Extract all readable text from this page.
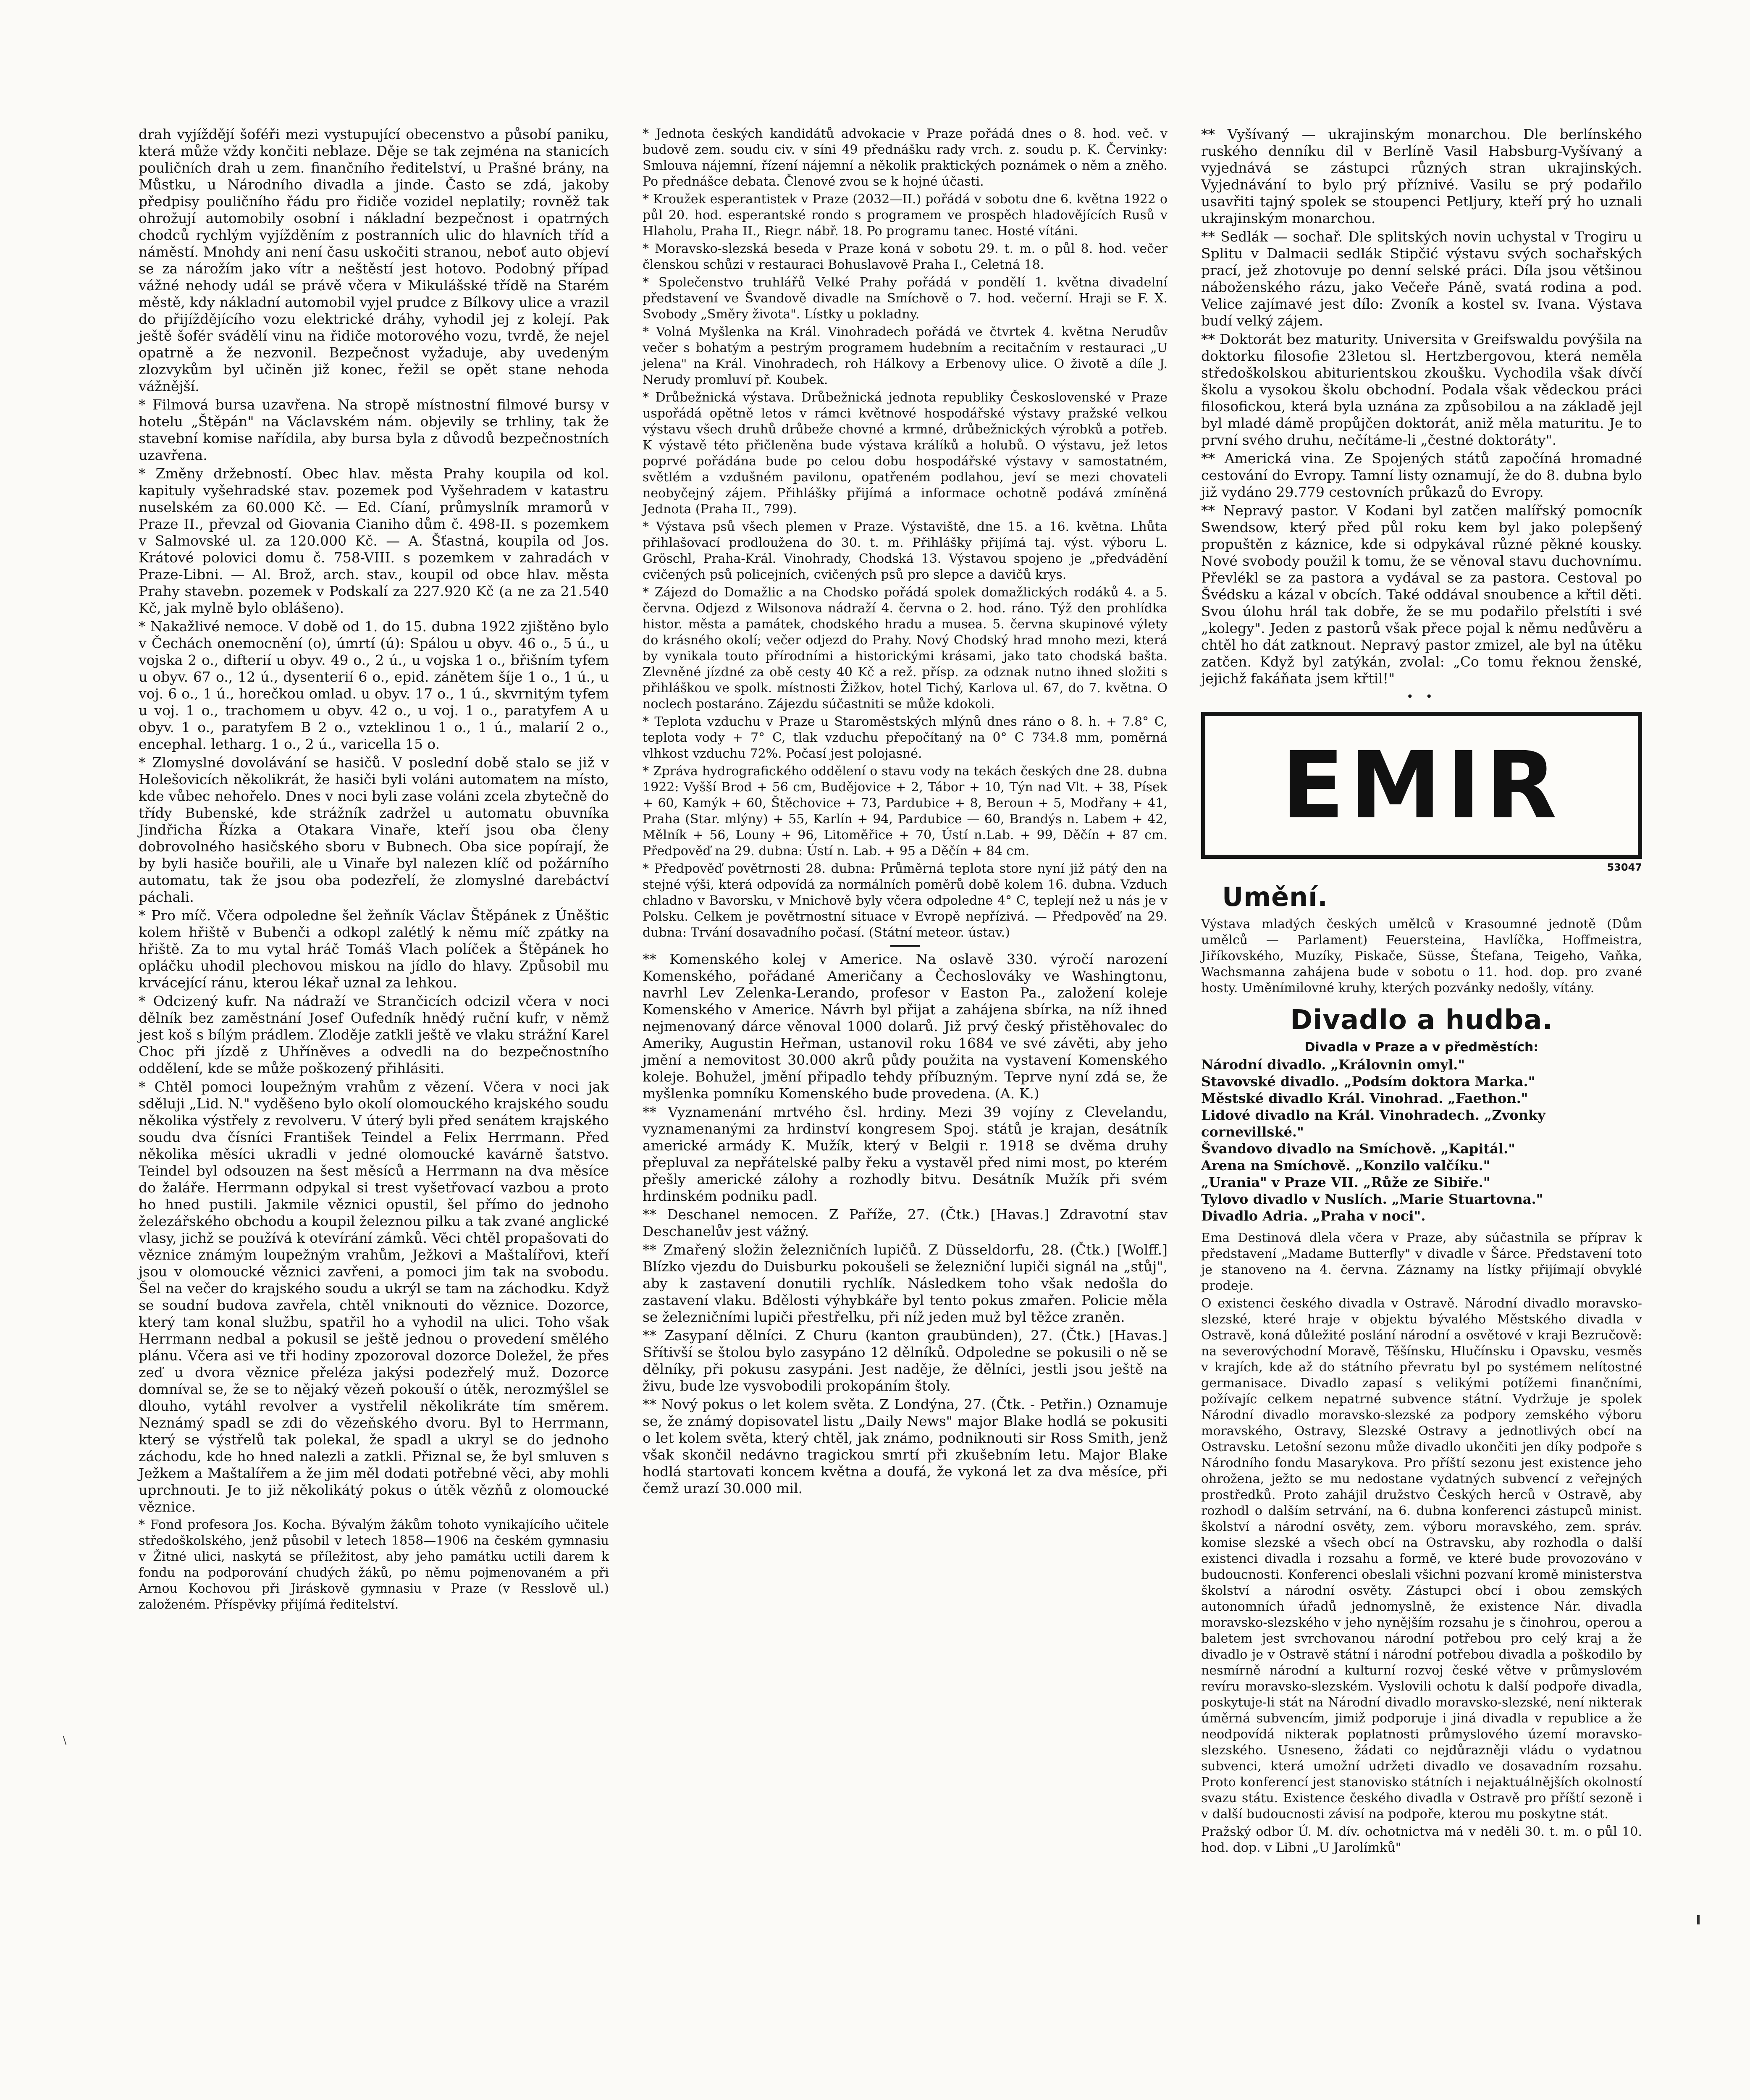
drah vyjíždějí šoféři mezi vystupující obecenstvo a působí paniku, která může vždy končiti neblaze. Děje se tak zejména na stanicích pouličních drah u zem. finančního ředitelství, u Prašné brány, na Můstku, u Národního divadla a jinde. Často se zdá, jakoby předpisy pouličního řádu pro řidiče vozidel neplatily; rovněž tak ohrožují automobily osobní i nákladní bezpečnost i opatrných chodců rychlým vyjížděním z postranních ulic do hlavních tříd a náměstí. Mnohdy ani není času uskočiti stranou, neboť auto objeví se za nárožím jako vítr a neštěstí jest hotovo. Podobný případ vážné nehody udál se právě včera v Mikulášské třídě na Starém městě, kdy nákladní automobil vyjel prudce z Bílkovy ulice a vrazil do přijíždějícího vozu elektrické dráhy, vyhodil jej z kolejí. Pak ještě šofér svádělí vinu na řidiče motorového vozu, tvrdě, že nejel opatrně a že nezvonil. Bezpečnost vyžaduje, aby uvedeným zlozvykům byl učiněn již konec, řežil se opět stane nehoda vážnější.

* Filmová bursa uzavřena. Na stropě místnostní filmové bursy v hotelu „Štěpán" na Václavském nám. objevily se trhliny, tak že stavební komise nařídila, aby bursa byla z důvodů bezpečnostních uzavřena.

* Změny držebností. Obec hlav. města Prahy koupila od kol. kapituly vyšehradské stav. pozemek pod Vyšehradem v katastru nuselském za 60.000 Kč. — Ed. Cíaní, průmyslník mramorů v Praze II., převzal od Giovania Cianiho dům č. 498-II. s pozemkem v Salmovské ul. za 120.000 Kč. — A. Šťastná, koupila od Jos. Krátové polovici domu č. 758-VIII. s pozemkem v zahradách v Praze-Libni. — Al. Brož, arch. stav., koupil od obce hlav. města Prahy stavebn. pozemek v Podskalí za 227.920 Kč (a ne za 21.540 Kč, jak mylně bylo oblášeno).

* Nakažlivé nemoce. V době od 1. do 15. dubna 1922 zjištěno bylo v Čechách onemocnění (o), úmrtí (ú): Spálou u obyv. 46 o., 5 ú., u vojska 2 o., difterií u obyv. 49 o., 2 ú., u vojska 1 o., břišním tyfem u obyv. 67 o., 12 ú., dysenterií 6 o., epid. zánětem šíje 1 o., 1 ú., u voj. 6 o., 1 ú., horečkou omlad. u obyv. 17 o., 1 ú., skvrnitým tyfem u voj. 1 o., trachomem u obyv. 42 o., u voj. 1 o., paratyfem A u obyv. 1 o., paratyfem B 2 o., vzteklinou 1 o., 1 ú., malarií 2 o., encephal. letharg. 1 o., 2 ú., varicella 15 o.

* Zlomyslné dovolávání se hasičů. V poslední době stalo se již v Holešovicích několikrát, že hasiči byli voláni automatem na místo, kde vůbec nehořelo. Dnes v noci byli zase voláni zcela zbytečně do třídy Bubenské, kde strážník zadržel u automatu obuvníka Jindřicha Řízka a Otakara Vinaře, kteří jsou oba členy dobrovolného hasičského sboru v Bubnech. Oba sice popírají, že by byli hasiče bouřili, ale u Vinaře byl nalezen klíč od požárního automatu, tak že jsou oba podezřelí, že zlomyslné darebáctví páchali.

* Pro míč. Včera odpoledne šel žeňník Václav Štěpánek z Úněštic kolem hřiště v Bubenči a odkopl zalétlý k němu míč zpátky na hřiště. Za to mu vytal hráč Tomáš Vlach políček a Štěpánek ho opláčku uhodil plechovou miskou na jídlo do hlavy. Způsobil mu krvácející ránu, kterou lékař uznal za lehkou.

* Odcizený kufr. Na nádraží ve Strančicích odcizil včera v noci dělník bez zaměstnání Josef Oufedník hnědý ruční kufr, v němž jest koš s bílým prádlem. Zloděje zatkli ještě ve vlaku strážní Karel Choc při jízdě z Uhříněves a odvedli na do bezpečnostního oddělení, kde se může poškozený přihlásiti.

* Chtěl pomoci loupežným vrahům z vězení. Včera v noci jak sděluji „Lid. N." vyděšeno bylo okolí olomouckého krajského soudu několika výstřely z revolveru. V úterý byli před senátem krajského soudu dva čísníci František Teindel a Felix Herrmann. Před několika měsíci ukradli v jedné olomoucké kavárně šatstvo. Teindel byl odsouzen na šest měsíců a Herrmann na dva měsíce do žaláře. Herrmann odpykal si trest vyšetřovací vazbou a proto ho hned pustili. Jakmile věznici opustil, šel přímo do jednoho železářského obchodu a koupil železnou pilku a tak zvané anglické vlasy, jichž se používá k otevírání zámků. Věci chtěl propašovati do věznice známým loupežným vrahům, Ježkovi a Maštalířovi, kteří jsou v olomoucké věznici zavřeni, a pomoci jim tak na svobodu. Šel na večer do krajského soudu a ukrýl se tam na záchodku. Když se soudní budova zavřela, chtěl vniknouti do věznice. Dozorce, který tam konal službu, spatřil ho a vyhodil na ulici. Toho však Herrmann nedbal a pokusil se ještě jednou o provedení smělého plánu. Včera asi ve tři hodiny zpozoroval dozorce Doležel, že přes zeď u dvora věznice přeléza jakýsi podezřelý muž. Dozorce domníval se, že se to nějaký vězeň pokouší o útěk, nerozmýšlel se dlouho, vytáhl revolver a vystřelil několikráte tím směrem. Neznámý spadl se zdi do vězeňského dvoru. Byl to Herrmann, který se výstřelů tak polekal, že spadl a ukryl se do jednoho záchodu, kde ho hned nalezli a zatkli. Přiznal se, že byl smluven s Ježkem a Maštalířem a že jim měl dodati potřebné věci, aby mohli uprchnouti. Je to již několikátý pokus o útěk vězňů z olomoucké věznice.

* Fond profesora Jos. Kocha. Bývalým žákům tohoto vynikajícího učitele středoškolského, jenž působil v letech 1858—1906 na českém gymnasiu v Žitné ulici, naskytá se příležitost, aby jeho památku uctili darem k fondu na podporování chudých žáků, po němu pojmenovaném a při Arnou Kochovou při Jiráskově gymnasiu v Praze (v Resslově ul.) založeném. Příspěvky přijímá ředitelství.

* Jednota českých kandidátů advokacie v Praze pořádá dnes o 8. hod. več. v budově zem. soudu civ. v síni 49 přednášku rady vrch. z. soudu p. K. Červinky: Smlouva nájemní, řízení nájemní a několik praktických poznámek o něm a zněho. Po přednášce debata. Členové zvou se k hojné účasti.

* Kroužek esperantistek v Praze (2032—II.) pořádá v sobotu dne 6. května 1922 o půl 20. hod. esperantské rondo s programem ve prospěch hladovějících Rusů v Hlaholu, Praha II., Riegr. nábř. 18. Po programu tanec. Hosté vítáni.

* Moravsko-slezská beseda v Praze koná v sobotu 29. t. m. o půl 8. hod. večer členskou schůzi v restauraci Bohuslavově Praha I., Celetná 18.

* Společenstvo truhlářů Velké Prahy pořádá v pondělí 1. května divadelní představení ve Švandově divadle na Smíchově o 7. hod. večerní. Hraji se F. X. Svobody „Směry života". Lístky u pokladny.

* Volná Myšlenka na Král. Vinohradech pořádá ve čtvrtek 4. května Nerudův večer s bohatým a pestrým programem hudebním a recitačním v restauraci „U jelena" na Král. Vinohradech, roh Hálkovy a Erbenovy ulice. O životě a díle J. Nerudy promluví př. Koubek.

* Drůbežnická výstava. Drůbežnická jednota republiky Československé v Praze uspořádá opětně letos v rámci květnové hospodářské výstavy pražské velkou výstavu všech druhů drůbeže chovné a krmné, drůbežnických výrobků a potřeb. K výstavě této přičleněna bude výstava králíků a holubů. O výstavu, jež letos poprvé pořádána bude po celou dobu hospodářské výstavy v samostatném, světlém a vzdušném pavilonu, opatřeném podlahou, jeví se mezi chovateli neobyčejný zájem. Přihlášky přijímá a informace ochotně podává zmíněná Jednota (Praha II., 799).

* Výstava psů všech plemen v Praze. Výstaviště, dne 15. a 16. května. Lhůta přihlašovací prodloužena do 30. t. m. Přihlášky přijímá taj. výst. výboru L. Gröschl, Praha-Král. Vinohrady, Chodská 13. Výstavou spojeno je „předvádění cvičených psů policejních, cvičených psů pro slepce a davičů krys.

* Zájezd do Domažlic a na Chodsko pořádá spolek domažlických rodáků 4. a 5. června. Odjezd z Wilsonova nádraží 4. června o 2. hod. ráno. Týž den prohlídka histor. města a památek, chodského hradu a musea. 5. června skupinové výlety do krásného okolí; večer odjezd do Prahy. Nový Chodský hrad mnoho mezi, která by vynikala touto přírodními a historickými krásami, jako tato chodská bašta. Zlevněné jízdné za obě cesty 40 Kč a rež. přísp. za odznak nutno ihned složiti s přihláškou ve spolk. místnosti Žižkov, hotel Tichý, Karlova ul. 67, do 7. května. O noclech postaráno. Zájezdu súčastniti se může kdokoli.

* Teplota vzduchu v Praze u Staroměstských mlýnů dnes ráno o 8. h. + 7.8° C, teplota vody + 7° C, tlak vzduchu přepočítaný na 0° C 734.8 mm, poměrná vlhkost vzduchu 72%. Počasí jest polojasné.

* Zpráva hydrografického oddělení o stavu vody na tekách českých dne 28. dubna 1922: Vyšší Brod + 56 cm, Budějovice + 2, Tábor + 10, Týn nad Vlt. + 38, Písek + 60, Kamýk + 60, Štěchovice + 73, Pardubice + 8, Beroun + 5, Modřany + 41, Praha (Star. mlýny) + 55, Karlín + 94, Pardubice — 60, Brandýs n. Labem + 42, Mělník + 56, Louny + 96, Litoměřice + 70, Ústí n.Lab. + 99, Děčín + 87 cm. Předpověď na 29. dubna: Ústí n. Lab. + 95 a Děčín + 84 cm.

* Předpověď povětrnosti 28. dubna: Průměrná teplota store nyní již pátý den na stejné výši, která odpovídá za normálních poměrů době kolem 16. dubna. Vzduch chladno v Bavorsku, v Mnichově byly včera odpoledne 4° C, teplejí než u nás je v Polsku. Celkem je povětrnostní situace v Evropě nepřízivá. — Předpověď na 29. dubna: Trvání dosavadního počasí. (Státní meteor. ústav.)

** Komenského kolej v Americe. Na oslavě 330. výročí narození Komenského, pořádané Američany a Čechoslováky ve Washingtonu, navrhl Lev Zelenka-Lerando, profesor v Easton Pa., založení koleje Komenského v Americe. Návrh byl přijat a zahájena sbírka, na níž ihned nejmenovaný dárce věnoval 1000 dolarů. Již prvý český přistěhovalec do Ameriky, Augustin Heřman, ustanovil roku 1684 ve své závěti, aby jeho jmění a nemovitost 30.000 akrů půdy použita na vystavení Komenského koleje. Bohužel, jmění připadlo tehdy příbuzným. Teprve nyní zdá se, že myšlenka pomníku Komenského bude provedena. (A. K.)

** Vyznamenání mrtvého čsl. hrdiny. Mezi 39 vojíny z Clevelandu, vyznamenanými za hrdinství kongresem Spoj. států je krajan, desátník americké armády K. Mužík, který v Belgii r. 1918 se dvěma druhy přepluval za nepřátelské palby řeku a vystavěl před nimi most, po kterém přešly americké zálohy a rozhodly bitvu. Desátník Mužík při svém hrdinském podniku padl.

** Deschanel nemocen. Z Paříže, 27. (Čtk.) [Havas.] Zdravotní stav Deschanelův jest vážný.

** Zmařený složin železničních lupičů. Z Düsseldorfu, 28. (Čtk.) [Wolff.] Blízko vjezdu do Duisburku pokoušeli se železniční lupiči signál na „stůj", aby k zastavení donutili rychlík. Následkem toho však nedošla do zastavení vlaku. Bdělosti výhybkáře byl tento pokus zmařen. Policie měla se železničními lupiči přestřelku, při níž jeden muž byl těžce zraněn.

** Zasypaní dělníci. Z Churu (kanton graubünden), 27. (Čtk.) [Havas.] Sřítivší se štolou bylo zasypáno 12 dělníků. Odpoledne se pokusili o ně se dělníky, při pokusu zasypáni. Jest naděje, že dělníci, jestli jsou ještě na živu, bude lze vysvobodili prokopáním štoly.

** Nový pokus o let kolem světa. Z Londýna, 27. (Čtk. - Petřin.) Oznamuje se, že známý dopisovatel listu „Daily News" major Blake hodlá se pokusiti o let kolem světa, který chtěl, jak známo, podniknouti sir Ross Smith, jenž však skončil nedávno tragickou smrtí při zkušebním letu. Major Blake hodlá startovati koncem května a doufá, že vykoná let za dva měsíce, při čemž urazí 30.000 mil.

** Vyšívaný — ukrajinským monarchou. Dle berlínského ruského denníku dil v Berlíně Vasil Habsburg-Vyšívaný a vyjednává se zástupci různých stran ukrajinských. Vyjednávání to bylo prý příznivé. Vasilu se prý podařilo usavřiti tajný spolek se stoupenci Petljury, kteří prý ho uznali ukrajinským monarchou.

** Sedlák — sochař. Dle splitských novin uchystal v Trogiru u Splitu v Dalmacii sedlák Stipčić výstavu svých sochařských prací, jež zhotovuje po denní selské práci. Díla jsou většinou náboženského rázu, jako Večeře Páně, svatá rodina a pod. Velice zajímavé jest dílo: Zvoník a kostel sv. Ivana. Výstava budí velký zájem.

** Doktorát bez maturity. Universita v Greifswaldu povýšila na doktorku filosofie 23letou sl. Hertzbergovou, která neměla středoškolskou abiturientskou zkoušku. Vychodila však dívčí školu a vysokou školu obchodní. Podala však vědeckou práci filosofickou, která byla uznána za způsobilou a na základě jejl byl mladé dámě propůjčen doktorát, aniž měla maturitu. Je to první svého druhu, nečítáme-li „čestné doktoráty".

** Americká vina. Ze Spojených států započíná hromadné cestování do Evropy. Tamní listy oznamují, že do 8. dubna bylo již vydáno 29.779 cestovních průkazů do Evropy.

** Nepravý pastor. V Kodani byl zatčen malířský pomocník Swendsow, který před půl roku kem byl jako polepšený propuštěn z káznice, kde si odpykával různé pěkné kousky. Nové svobody použil k tomu, že se věnoval stavu duchovnímu. Převlékl se za pastora a vydával se za pastora. Cestoval po Švédsku a kázal v obcích. Také oddával snoubence a křtil děti. Svou úlohu hrál tak dobře, že se mu podařilo přelstíti i své „kolegy". Jeden z pastorů však přece pojal k němu nedůvěru a chtěl ho dát zatknout. Nepravý pastor zmizel, ale byl na útěku zatčen. Když byl zatýkán, zvolal: „Co tomu řeknou ženské, jejichž fakáňata jsem křtil!"

• •
EMIR
53047
Umění.

Výstava mladých českých umělců v Krasoumné jednotě (Dům umělců — Parlament) Feuersteina, Havlíčka, Hoffmeistra, Jiříkovského, Muzíky, Piskače, Süsse, Štefana, Teigeho, Vaňka, Wachsmanna zahájena bude v sobotu o 11. hod. dop. pro zvané hosty. Uměnímilovné kruhy, kterých pozvánky nedošly, vítány.

Divadlo a hudba.
Divadla v Praze a v předměstích:

Národní divadlo. „Královnin omyl."

Stavovské divadlo. „Podsím doktora Marka."

Městské divadlo Král. Vinohrad. „Faethon."

Lidové divadlo na Král. Vinohradech. „Zvonky cornevillské."

Švandovo divadlo na Smíchově. „Kapitál."

Arena na Smíchově. „Konzilo valčíku."

„Urania" v Praze VII. „Růže ze Sibiře."

Tylovo divadlo v Nuslích. „Marie Stuartovna."

Divadlo Adria. „Praha v noci".

Ema Destinová dlela včera v Praze, aby súčastnila se příprav k představení „Madame Butterfly" v divadle v Šárce. Představení toto je stanoveno na 4. června. Záznamy na lístky přijímají obvyklé prodeje.

O existenci českého divadla v Ostravě. Národní divadlo moravsko-slezské, které hraje v objektu bývalého Městského divadla v Ostravě, koná důležité poslání národní a osvětové v kraji Bezručově: na severovýchodní Moravě, Těšínsku, Hlučínsku i Opavsku, vesměs v krajích, kde až do státního převratu byl po systémem nelítostné germanisace. Divadlo zapasí s velikými potížemi finančními, požívajíc celkem nepatrné subvence státní. Vydržuje je spolek Národní divadlo moravsko-slezské za podpory zemského výboru moravského, Ostravy, Slezské Ostravy a jednotlivých obcí na Ostravsku. Letošní sezonu může divadlo ukončiti jen díky podpoře s Národního fondu Masarykova. Pro příští sezonu jest existence jeho ohrožena, ježto se mu nedostane vydatných subvencí z veřejných prostředků. Proto zahájil družstvo Českých herců v Ostravě, aby rozhodl o dalším setrvání, na 6. dubna konferenci zástupců minist. školství a národní osvěty, zem. výboru moravského, zem. správ. komise slezské a všech obcí na Ostravsku, aby rozhodla o další existenci divadla i rozsahu a formě, ve které bude provozováno v budoucnosti. Konferenci obeslali všichni pozvaní kromě ministerstva školství a národní osvěty. Zástupci obcí i obou zemských autonomních úřadů jednomyslně, že existence Nár. divadla moravsko-slezského v jeho nynějším rozsahu je s činohrou, operou a baletem jest svrchovanou národní potřebou pro celý kraj a že divadlo je v Ostravě státní i národní potřebou divadla a poškodilo by nesmírně národní a kulturní rozvoj české větve v průmyslovém revíru moravsko-slezském. Vyslovili ochotu k další podpoře divadla, poskytuje-li stát na Národní divadlo moravsko-slezské, není nikterak úměrná subvencím, jimiž podporuje i jiná divadla v republice a že neodpovídá nikterak poplatnosti průmyslového území moravsko-slezského. Usneseno, žádati co nejdůrazněji vládu o vydatnou subvenci, která umožní udržeti divadlo ve dosavadním rozsahu. Proto konferencí jest stanovisko státních i nejaktuálnějších okolností svazu státu. Existence českého divadla v Ostravě pro příští sezoně i v další budoucnosti závisí na podpoře, kterou mu poskytne stát.

Pražský odbor Ú. M. dív. ochotnictva má v neděli 30. t. m. o půl 10. hod. dop. v Libni „U Jarolímků"

\
